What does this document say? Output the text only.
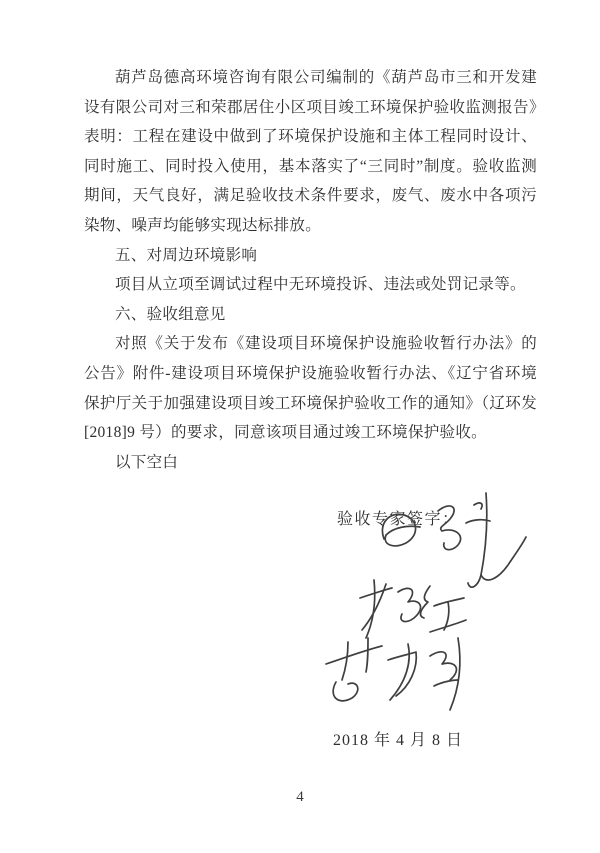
葫芦岛德高环境咨询有限公司编制的《葫芦岛市三和开发建设有限公司对三和荣郡居住小区项目竣工环境保护验收监测报告》表明：工程在建设中做到了环境保护设施和主体工程同时设计、同时施工、同时投入使用，基本落实了“三同时”制度。验收监测期间，天气良好，满足验收技术条件要求，废气、废水中各项污染物、噪声均能够实现达标排放。

五、对周边环境影响

项目从立项至调试过程中无环境投诉、违法或处罚记录等。

六、验收组意见

对照《关于发布《建设项目环境保护设施验收暂行办法》的公告》附件-建设项目环境保护设施验收暂行办法、《辽宁省环境保护厅关于加强建设项目竣工环境保护验收工作的通知》（辽环发[2018]9 号）的要求，同意该项目通过竣工环境保护验收。

以下空白

验收专家签字：
2018 年 4 月 8 日
4
